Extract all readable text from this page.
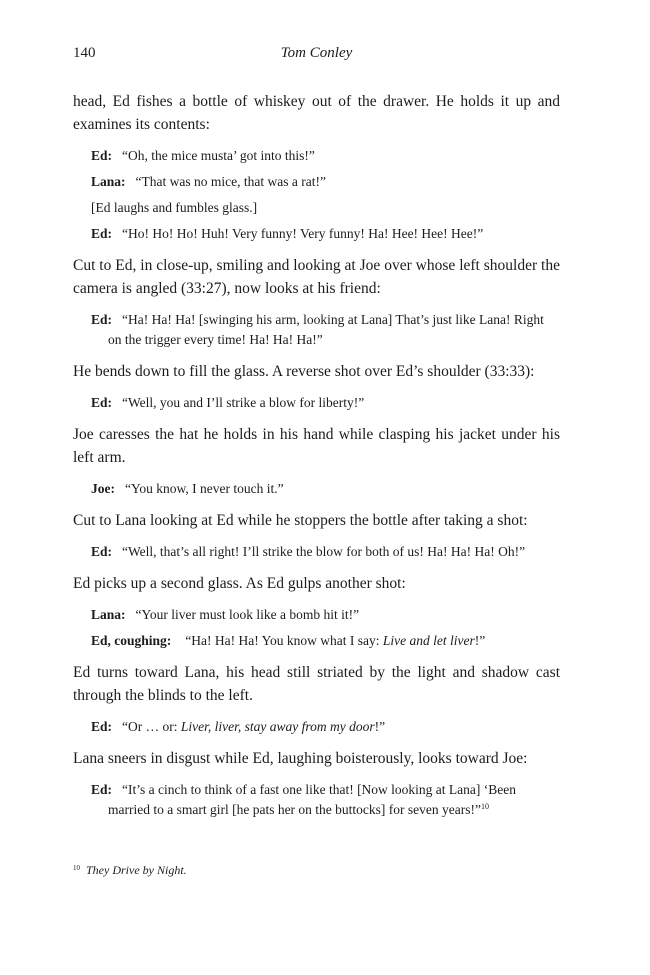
140	Tom Conley

head, Ed fishes a bottle of whiskey out of the drawer. He holds it up and examines its contents:

Ed: “Oh, the mice musta’ got into this!”

Lana: “That was no mice, that was a rat!”

[Ed laughs and fumbles glass.]

Ed: “Ho! Ho! Ho! Huh! Very funny! Very funny! Ha! Hee! Hee! Hee!”

Cut to Ed, in close-up, smiling and looking at Joe over whose left shoulder the camera is angled (33:27), now looks at his friend:

Ed: “Ha! Ha! Ha! [swinging his arm, looking at Lana] That’s just like Lana! Right on the trigger every time! Ha! Ha! Ha!”

He bends down to fill the glass. A reverse shot over Ed’s shoulder (33:33):

Ed: “Well, you and I’ll strike a blow for liberty!”

Joe caresses the hat he holds in his hand while clasping his jacket under his left arm.

Joe: “You know, I never touch it.”

Cut to Lana looking at Ed while he stoppers the bottle after taking a shot:

Ed: “Well, that’s all right! I’ll strike the blow for both of us! Ha! Ha! Ha! Oh!”

Ed picks up a second glass. As Ed gulps another shot:

Lana: “Your liver must look like a bomb hit it!”

Ed, coughing: “Ha! Ha! Ha! You know what I say: Live and let liver!”

Ed turns toward Lana, his head still striated by the light and shadow cast through the blinds to the left.

Ed: “Or … or: Liver, liver, stay away from my door!”

Lana sneers in disgust while Ed, laughing boisterously, looks toward Joe:

Ed: “It’s a cinch to think of a fast one like that! [Now looking at Lana] ‘Been married to a smart girl [he pats her on the buttocks] for seven years!”$^{10}$

$^{10}$ They Drive by Night.
